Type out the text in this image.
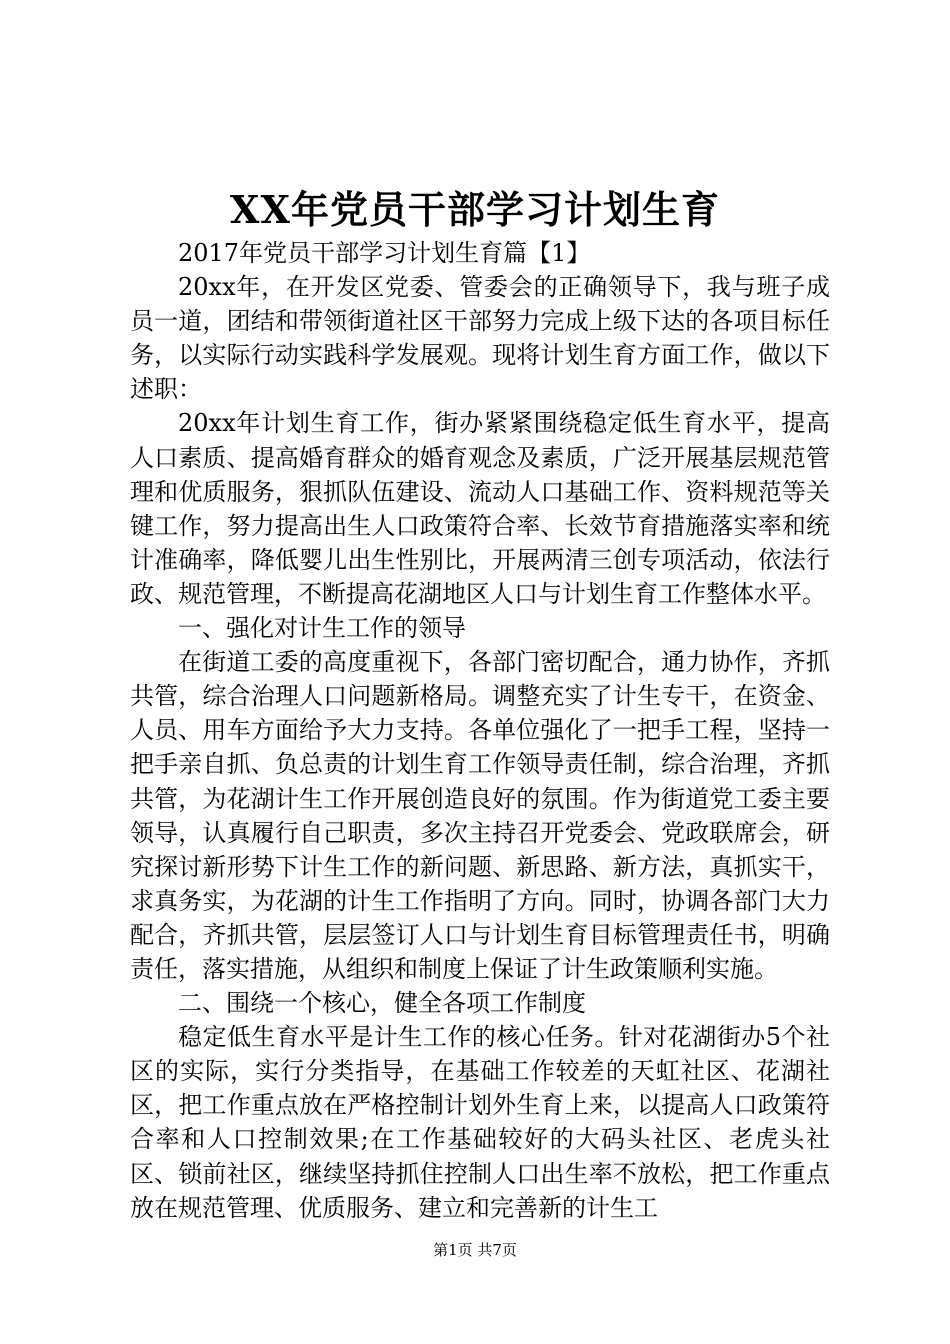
XX年党员干部学习计划生育

2017年党员干部学习计划生育篇【1】

20xx年，在开发区党委、管委会的正确领导下，我与班子成员一道，团结和带领街道社区干部努力完成上级下达的各项目标任务，以实际行动实践科学发展观。现将计划生育方面工作，做以下述职：

20xx年计划生育工作，街办紧紧围绕稳定低生育水平，提高人口素质、提高婚育群众的婚育观念及素质，广泛开展基层规范管理和优质服务，狠抓队伍建设、流动人口基础工作、资料规范等关键工作，努力提高出生人口政策符合率、长效节育措施落实率和统计准确率，降低婴儿出生性别比，开展两清三创专项活动，依法行政、规范管理，不断提高花湖地区人口与计划生育工作整体水平。

一、强化对计生工作的领导

在街道工委的高度重视下，各部门密切配合，通力协作，齐抓共管，综合治理人口问题新格局。调整充实了计生专干，在资金、人员、用车方面给予大力支持。各单位强化了一把手工程，坚持一把手亲自抓、负总责的计划生育工作领导责任制，综合治理，齐抓共管，为花湖计生工作开展创造良好的氛围。作为街道党工委主要领导，认真履行自己职责，多次主持召开党委会、党政联席会，研究探讨新形势下计生工作的新问题、新思路、新方法，真抓实干，求真务实，为花湖的计生工作指明了方向。同时，协调各部门大力配合，齐抓共管，层层签订人口与计划生育目标管理责任书，明确责任，落实措施，从组织和制度上保证了计生政策顺利实施。

二、围绕一个核心，健全各项工作制度

稳定低生育水平是计生工作的核心任务。针对花湖街办5个社区的实际，实行分类指导，在基础工作较差的天虹社区、花湖社区，把工作重点放在严格控制计划外生育上来，以提高人口政策符合率和人口控制效果;在工作基础较好的大码头社区、老虎头社区、锁前社区，继续坚持抓住控制人口出生率不放松，把工作重点放在规范管理、优质服务、建立和完善新的计生工

第1页 共7页
